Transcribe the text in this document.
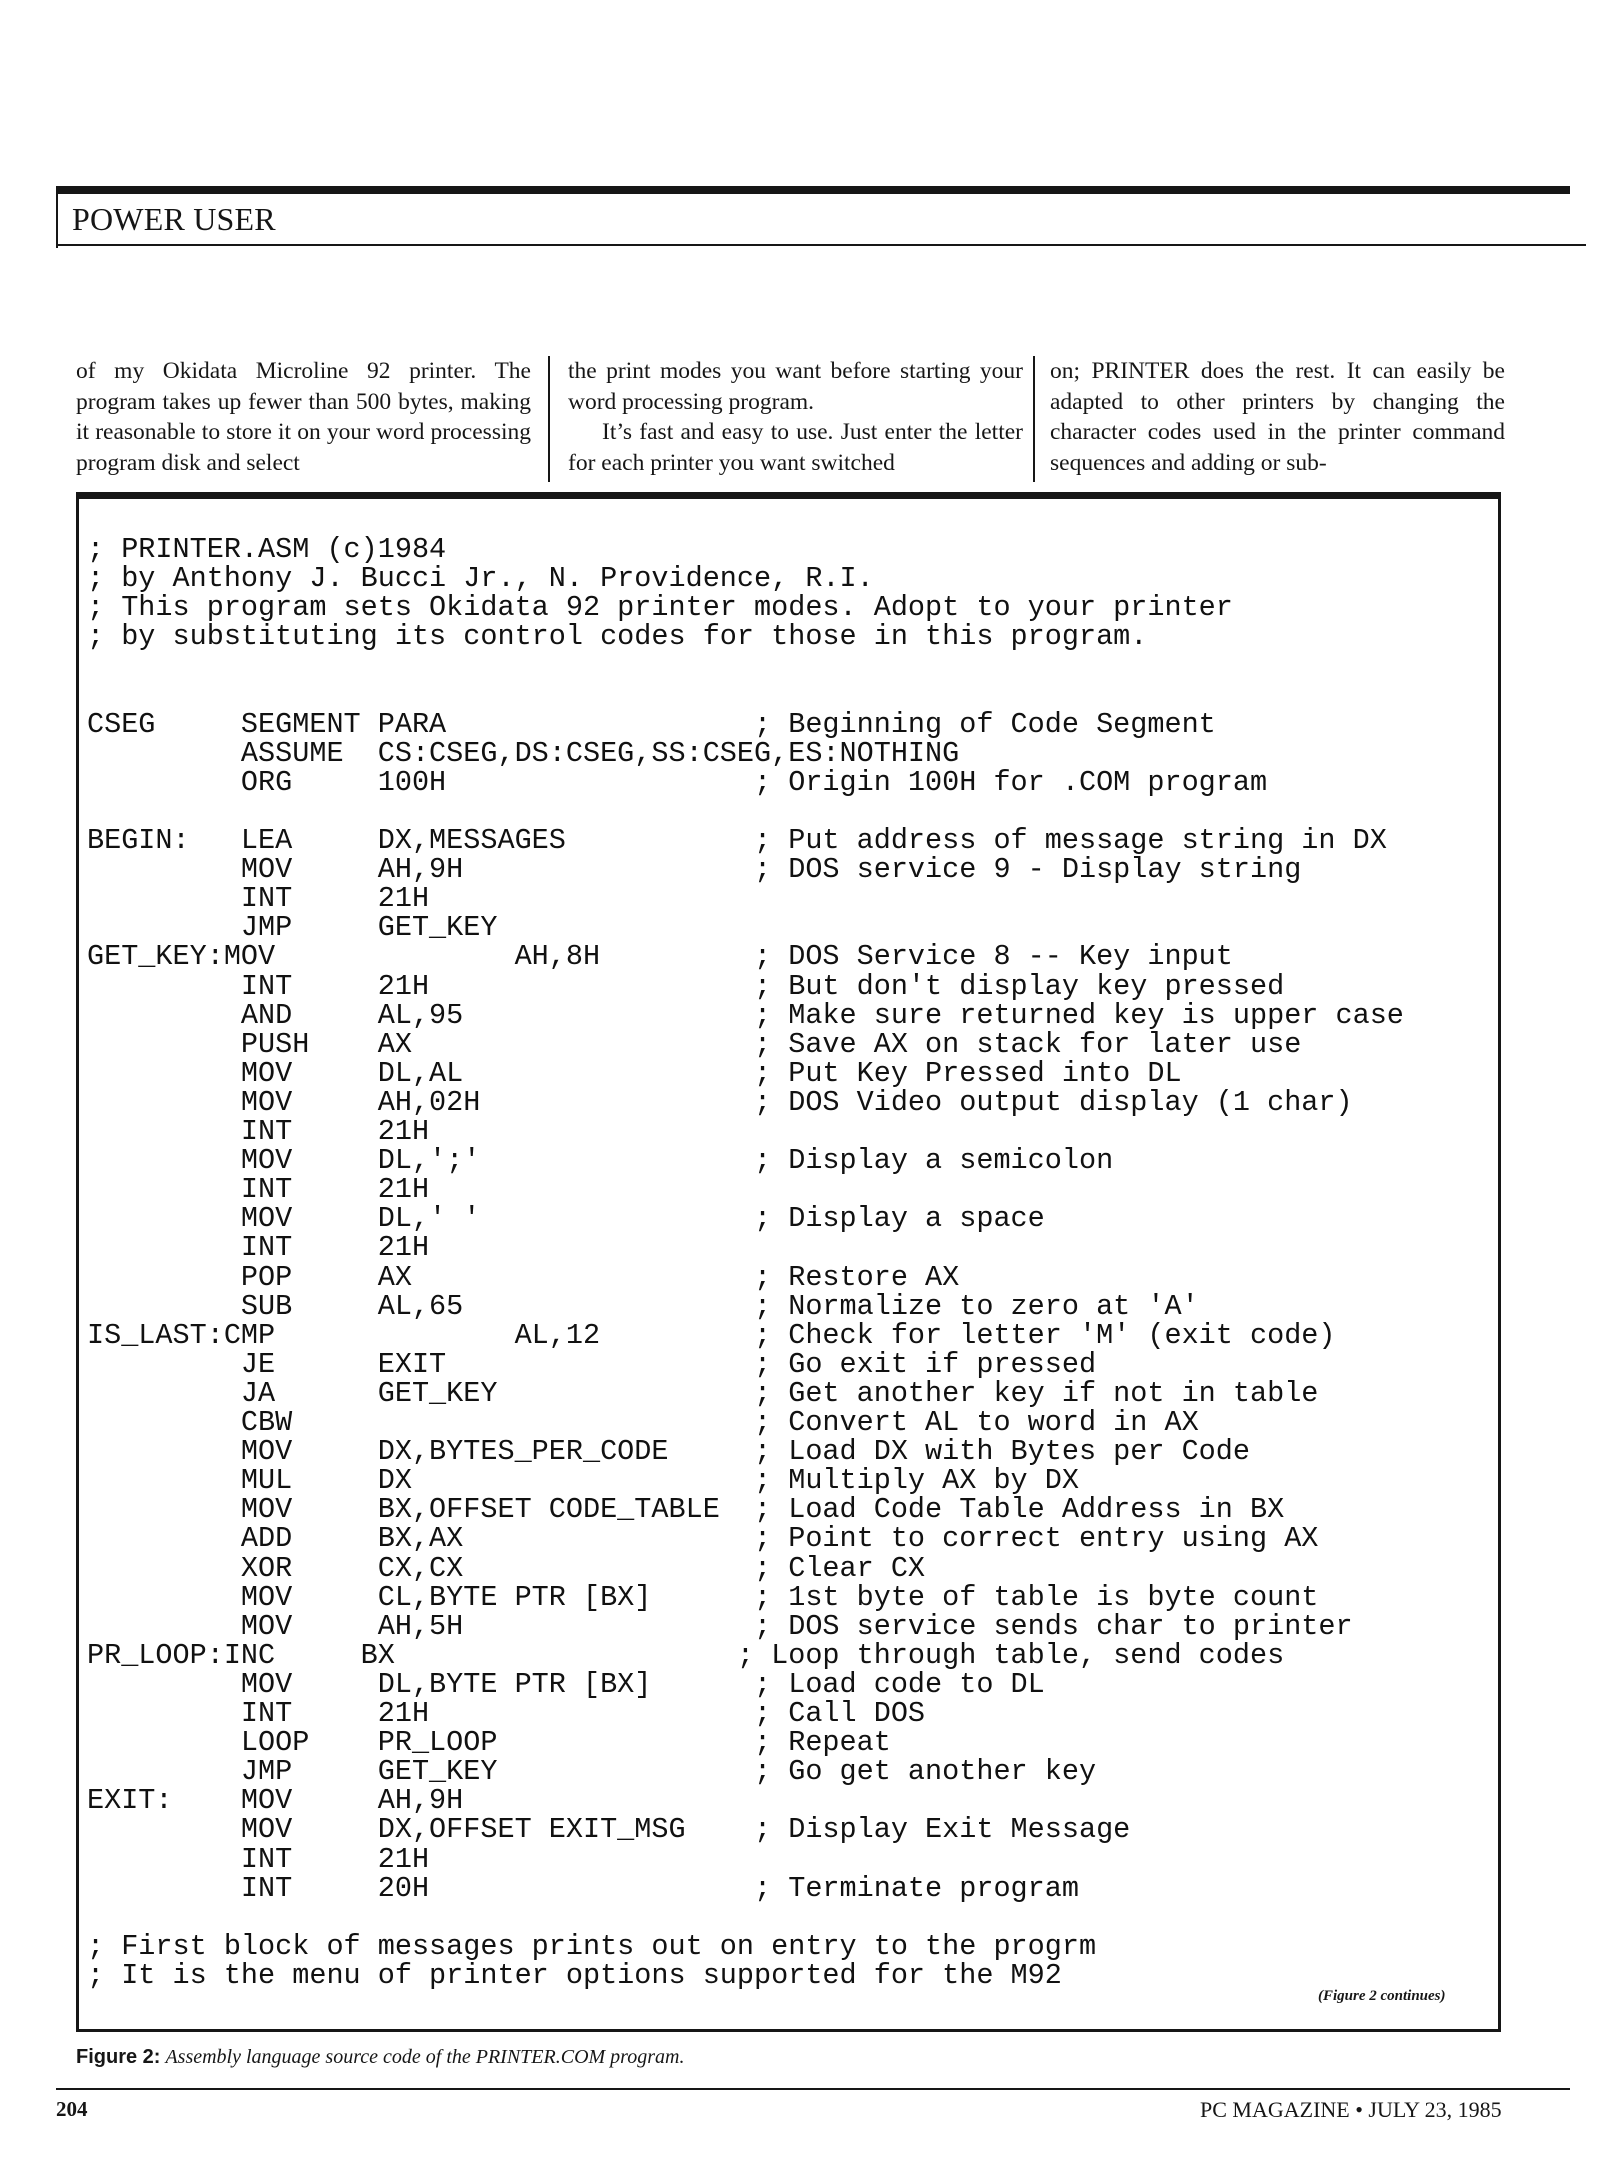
POWER USER

of my Okidata Microline 92 printer. The program takes up fewer than 500 bytes, making it reasonable to store it on your word processing program disk and select

the print modes you want before starting your word processing program.

It’s fast and easy to use. Just enter the letter for each printer you want switched

on; PRINTER does the rest. It can easily be adapted to other printers by changing the character codes used in the printer command sequences and adding or sub-

; PRINTER.ASM (c)1984
; by Anthony J. Bucci Jr., N. Providence, R.I.
; This program sets Okidata 92 printer modes. Adopt to your printer
; by substituting its control codes for those in this program.
CSEG     SEGMENT PARA                  ; Beginning of Code Segment
ASSUME  CS:CSEG,DS:CSEG,SS:CSEG,ES:NOTHING
ORG     100H                  ; Origin 100H for .COM program
BEGIN:   LEA     DX,MESSAGES           ; Put address of message string in DX
MOV     AH,9H                 ; DOS service 9 - Display string
INT     21H
JMP     GET_KEY
GET_KEY:MOV              AH,8H         ; DOS Service 8 -- Key input
INT     21H                   ; But don't display key pressed
AND     AL,95                 ; Make sure returned key is upper case
PUSH    AX                    ; Save AX on stack for later use
MOV     DL,AL                 ; Put Key Pressed into DL
MOV     AH,02H                ; DOS Video output display (1 char)
INT     21H
MOV     DL,';'                ; Display a semicolon
INT     21H
MOV     DL,' '                ; Display a space
INT     21H
POP     AX                    ; Restore AX
SUB     AL,65                 ; Normalize to zero at 'A'
IS_LAST:CMP              AL,12         ; Check for letter 'M' (exit code)
JE      EXIT                  ; Go exit if pressed
JA      GET_KEY               ; Get another key if not in table
CBW                           ; Convert AL to word in AX
MOV     DX,BYTES_PER_CODE     ; Load DX with Bytes per Code
MUL     DX                    ; Multiply AX by DX
MOV     BX,OFFSET CODE_TABLE  ; Load Code Table Address in BX
ADD     BX,AX                 ; Point to correct entry using AX
XOR     CX,CX                 ; Clear CX
MOV     CL,BYTE PTR [BX]      ; 1st byte of table is byte count
MOV     AH,5H                 ; DOS service sends char to printer
PR_LOOP:INC     BX                    ; Loop through table, send codes
MOV     DL,BYTE PTR [BX]      ; Load code to DL
INT     21H                   ; Call DOS
LOOP    PR_LOOP               ; Repeat
JMP     GET_KEY               ; Go get another key
EXIT:    MOV     AH,9H
MOV     DX,OFFSET EXIT_MSG    ; Display Exit Message
INT     21H
INT     20H                   ; Terminate program
; First block of messages prints out on entry to the progrm
; It is the menu of printer options supported for the M92
(Figure 2 continues)
Figure 2: Assembly language source code of the PRINTER.COM program.
204	PC MAGAZINE • JULY 23, 1985
